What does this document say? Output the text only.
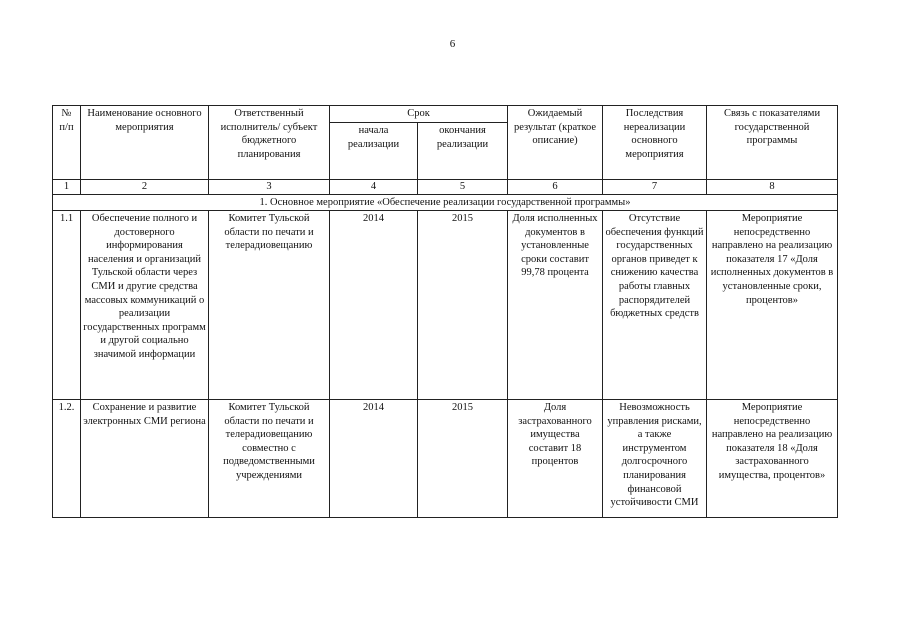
6
№
п/п	Наименование основного мероприятия	Ответственный исполнитель/ субъект бюджетного планирования	Срок		Ожидаемый результат (краткое описание)	Последствия нереализации основного мероприятия	Связь с показателями государственной программы
			начала реализации	окончания реализации			
1	2	3	4	5	6	7	8
1. Основное мероприятие «Обеспечение реализации государственной программы»							
1.1	Обеспечение полного и достоверного информирования населения и организаций Тульской области через СМИ и другие средства массовых коммуникаций о реализации государственных программ и другой социально значимой информации	Комитет Тульской области по печати и телерадиовещанию	2014	2015	Доля исполненных документов в установленные сроки составит 99,78 процента	Отсутствие обеспечения функций государственных органов приведет к снижению качества работы главных распорядителей бюджетных средств	Мероприятие непосредственно направлено на реализацию показателя 17 «Доля исполненных документов в установленные сроки, процентов»
1.2.	Сохранение и развитие электронных СМИ региона	Комитет Тульской области по печати и телерадиовещанию совместно с подведомственными учреждениями	2014	2015	Доля застрахованного имущества составит 18 процентов	Невозможность управления рисками, а также инструментом долгосрочного планирования финансовой устойчивости СМИ	Мероприятие непосредственно направлено на реализацию показателя 18 «Доля застрахованного имущества, процентов»
